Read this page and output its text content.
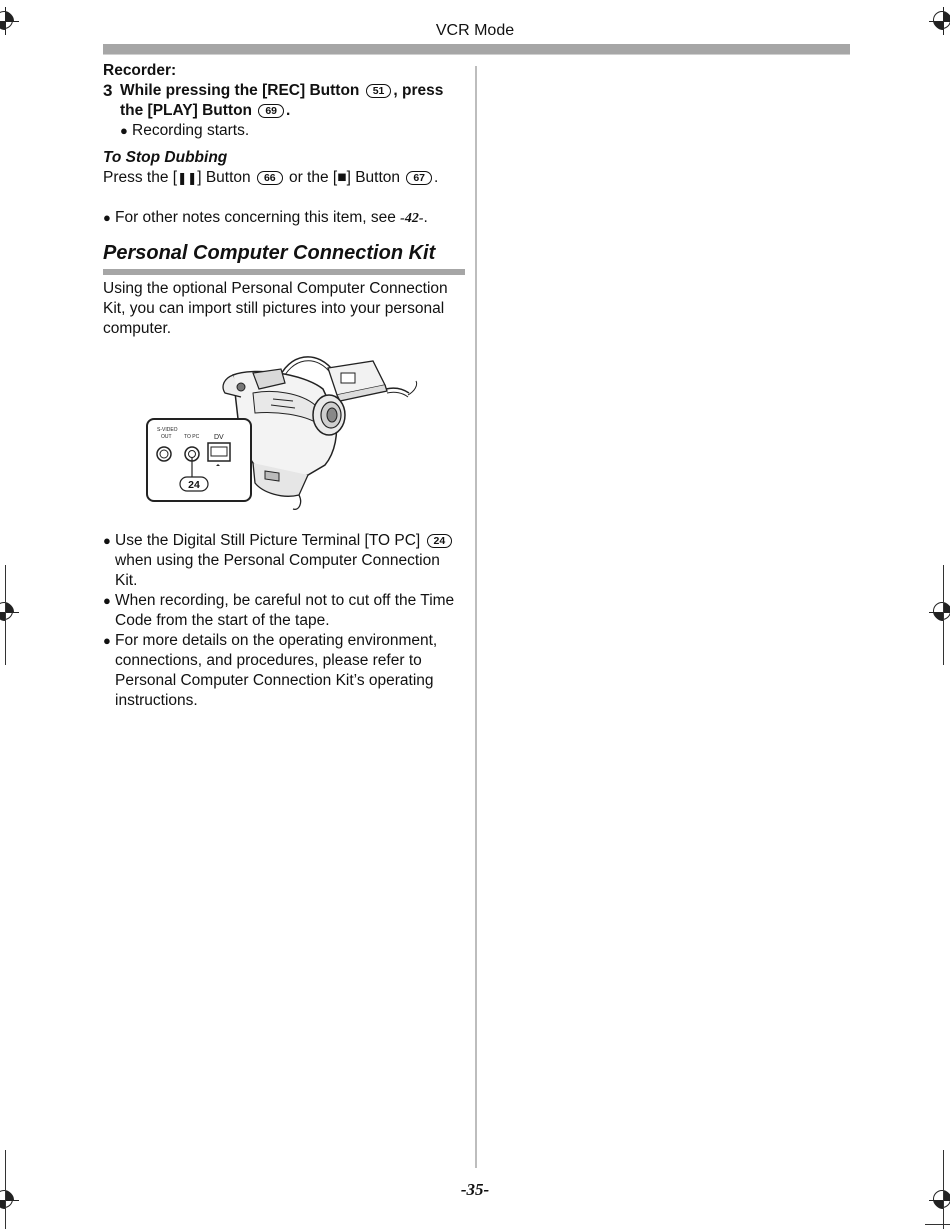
VCR Mode
Recorder:
3 While pressing the [REC] Button 51 , press the [PLAY] Button 69 .
● Recording starts.
To Stop Dubbing
Press the [❚❚] Button 66 or the [■] Button 67 .
● For other notes concerning this item, see -42-.
Personal Computer Connection Kit
Using the optional Personal Computer Connection Kit, you can import still pictures into your personal computer.
S-VIDEO
OUT TO PC DV
24
● Use the Digital Still Picture Terminal [TO PC] 24 when using the Personal Computer Connection Kit.
● When recording, be careful not to cut off the Time Code from the start of the tape.
● For more details on the operating environment, connections, and procedures, please refer to Personal Computer Connection Kit’s operating instructions.
-35-
